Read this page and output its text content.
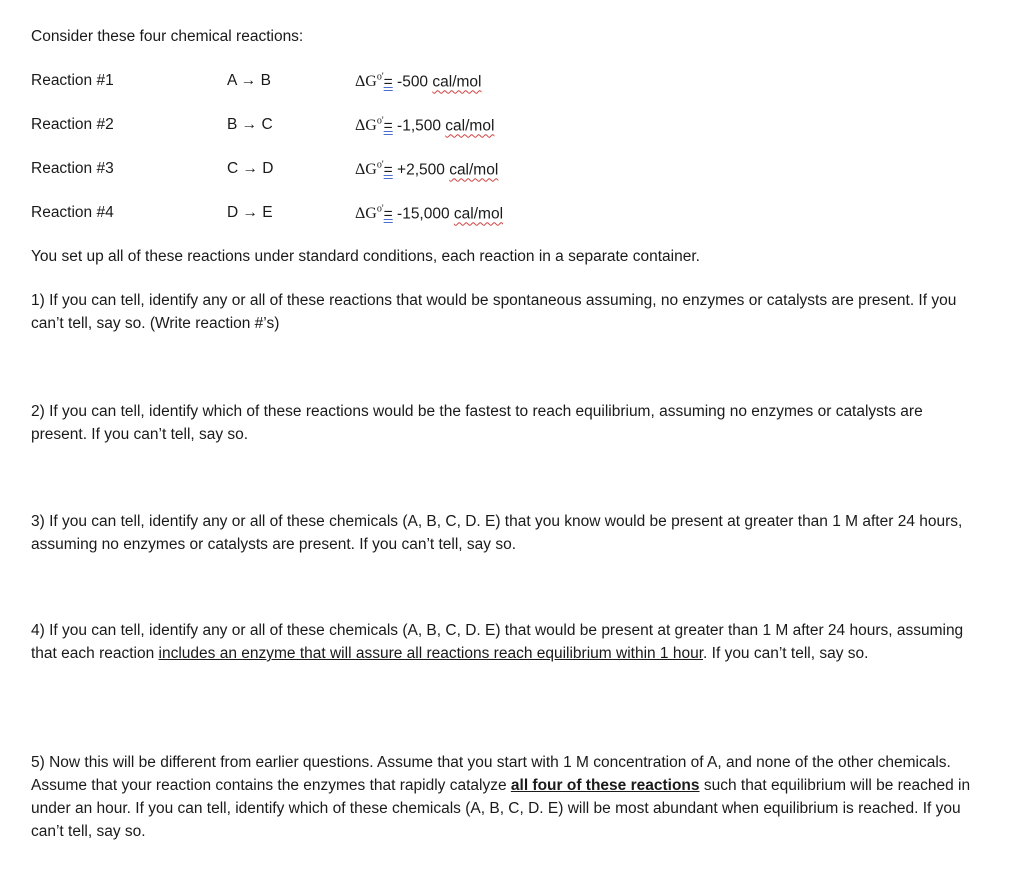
Consider these four chemical reactions:
Reaction #1	A → B	$\Delta G^{o'}= -500$ cal/mol
Reaction #2	B → C	$\Delta G^{o'}= -1,500$ cal/mol
Reaction #3	C → D	$\Delta G^{o'}= +2,500$ cal/mol
Reaction #4	D → E	$\Delta G^{o'}= -15,000$ cal/mol
You set up all of these reactions under standard conditions, each reaction in a separate container.
1) If you can tell, identify any or all of these reactions that would be spontaneous assuming, no enzymes or catalysts are present. If you can’t tell, say so. (Write reaction #’s)
2) If you can tell, identify which of these reactions would be the fastest to reach equilibrium, assuming no enzymes or catalysts are present. If you can’t tell, say so.
3) If you can tell, identify any or all of these chemicals (A, B, C, D. E) that you know would be present at greater than 1 M after 24 hours, assuming no enzymes or catalysts are present. If you can’t tell, say so.
4) If you can tell, identify any or all of these chemicals (A, B, C, D. E) that would be present at greater than 1 M after 24 hours, assuming that each reaction includes an enzyme that will assure all reactions reach equilibrium within 1 hour. If you can’t tell, say so.
5) Now this will be different from earlier questions. Assume that you start with 1 M concentration of A, and none of the other chemicals. Assume that your reaction contains the enzymes that rapidly catalyze all four of these reactions such that equilibrium will be reached in under an hour. If you can tell, identify which of these chemicals (A, B, C, D. E) will be most abundant when equilibrium is reached. If you can’t tell, say so.
